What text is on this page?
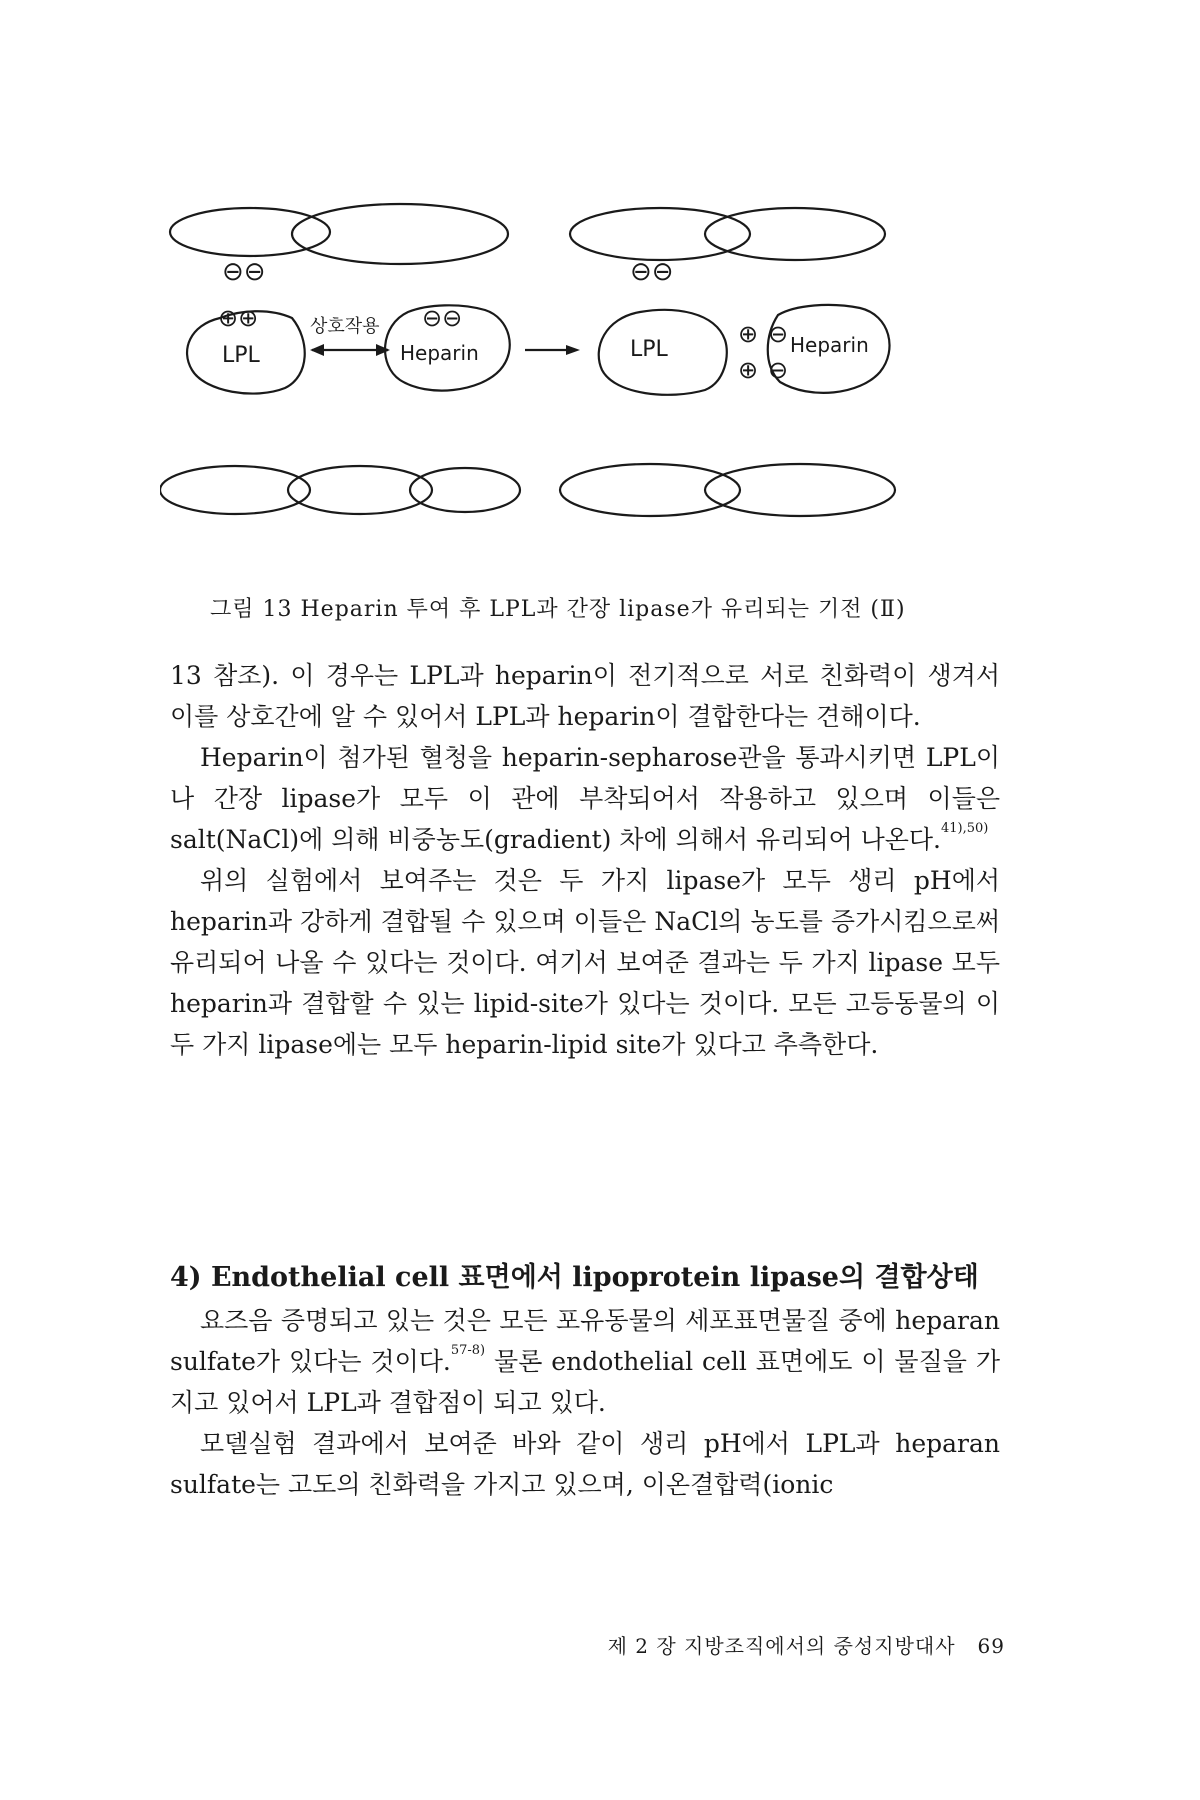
⊖⊖	⊖⊖
⊕⊕	⊖⊖
상호작용
LPL	Heparin	LPL	Heparin
⊕
⊕
⊖
⊖
그림 13 Heparin 투여 후 LPL과 간장 lipase가 유리되는 기전 (Ⅱ)

13 참조). 이 경우는 LPL과 heparin이 전기적으로 서로 친화력이 생겨서 이를 상호간에 알 수 있어서 LPL과 heparin이 결합한다는 견해이다.

Heparin이 첨가된 혈청을 heparin-sepharose관을 통과시키면 LPL이나 간장 lipase가 모두 이 관에 부착되어서 작용하고 있으며 이들은 salt(NaCl)에 의해 비중농도(gradient) 차에 의해서 유리되어 나온다.$^{41),50)}$

위의 실험에서 보여주는 것은 두 가지 lipase가 모두 생리 pH에서 heparin과 강하게 결합될 수 있으며 이들은 NaCl의 농도를 증가시킴으로써 유리되어 나올 수 있다는 것이다. 여기서 보여준 결과는 두 가지 lipase 모두 heparin과 결합할 수 있는 lipid-site가 있다는 것이다. 모든 고등동물의 이 두 가지 lipase에는 모두 heparin-lipid site가 있다고 추측한다.

4) Endothelial cell 표면에서 lipoprotein lipase의 결합상태

요즈음 증명되고 있는 것은 모든 포유동물의 세포표면물질 중에 heparan sulfate가 있다는 것이다.$^{57-8)}$ 물론 endothelial cell 표면에도 이 물질을 가지고 있어서 LPL과 결합점이 되고 있다.

모델실험 결과에서 보여준 바와 같이 생리 pH에서 LPL과 heparan sulfate는 고도의 친화력을 가지고 있으며, 이온결합력(ionic

제 2 장 지방조직에서의 중성지방대사 69
